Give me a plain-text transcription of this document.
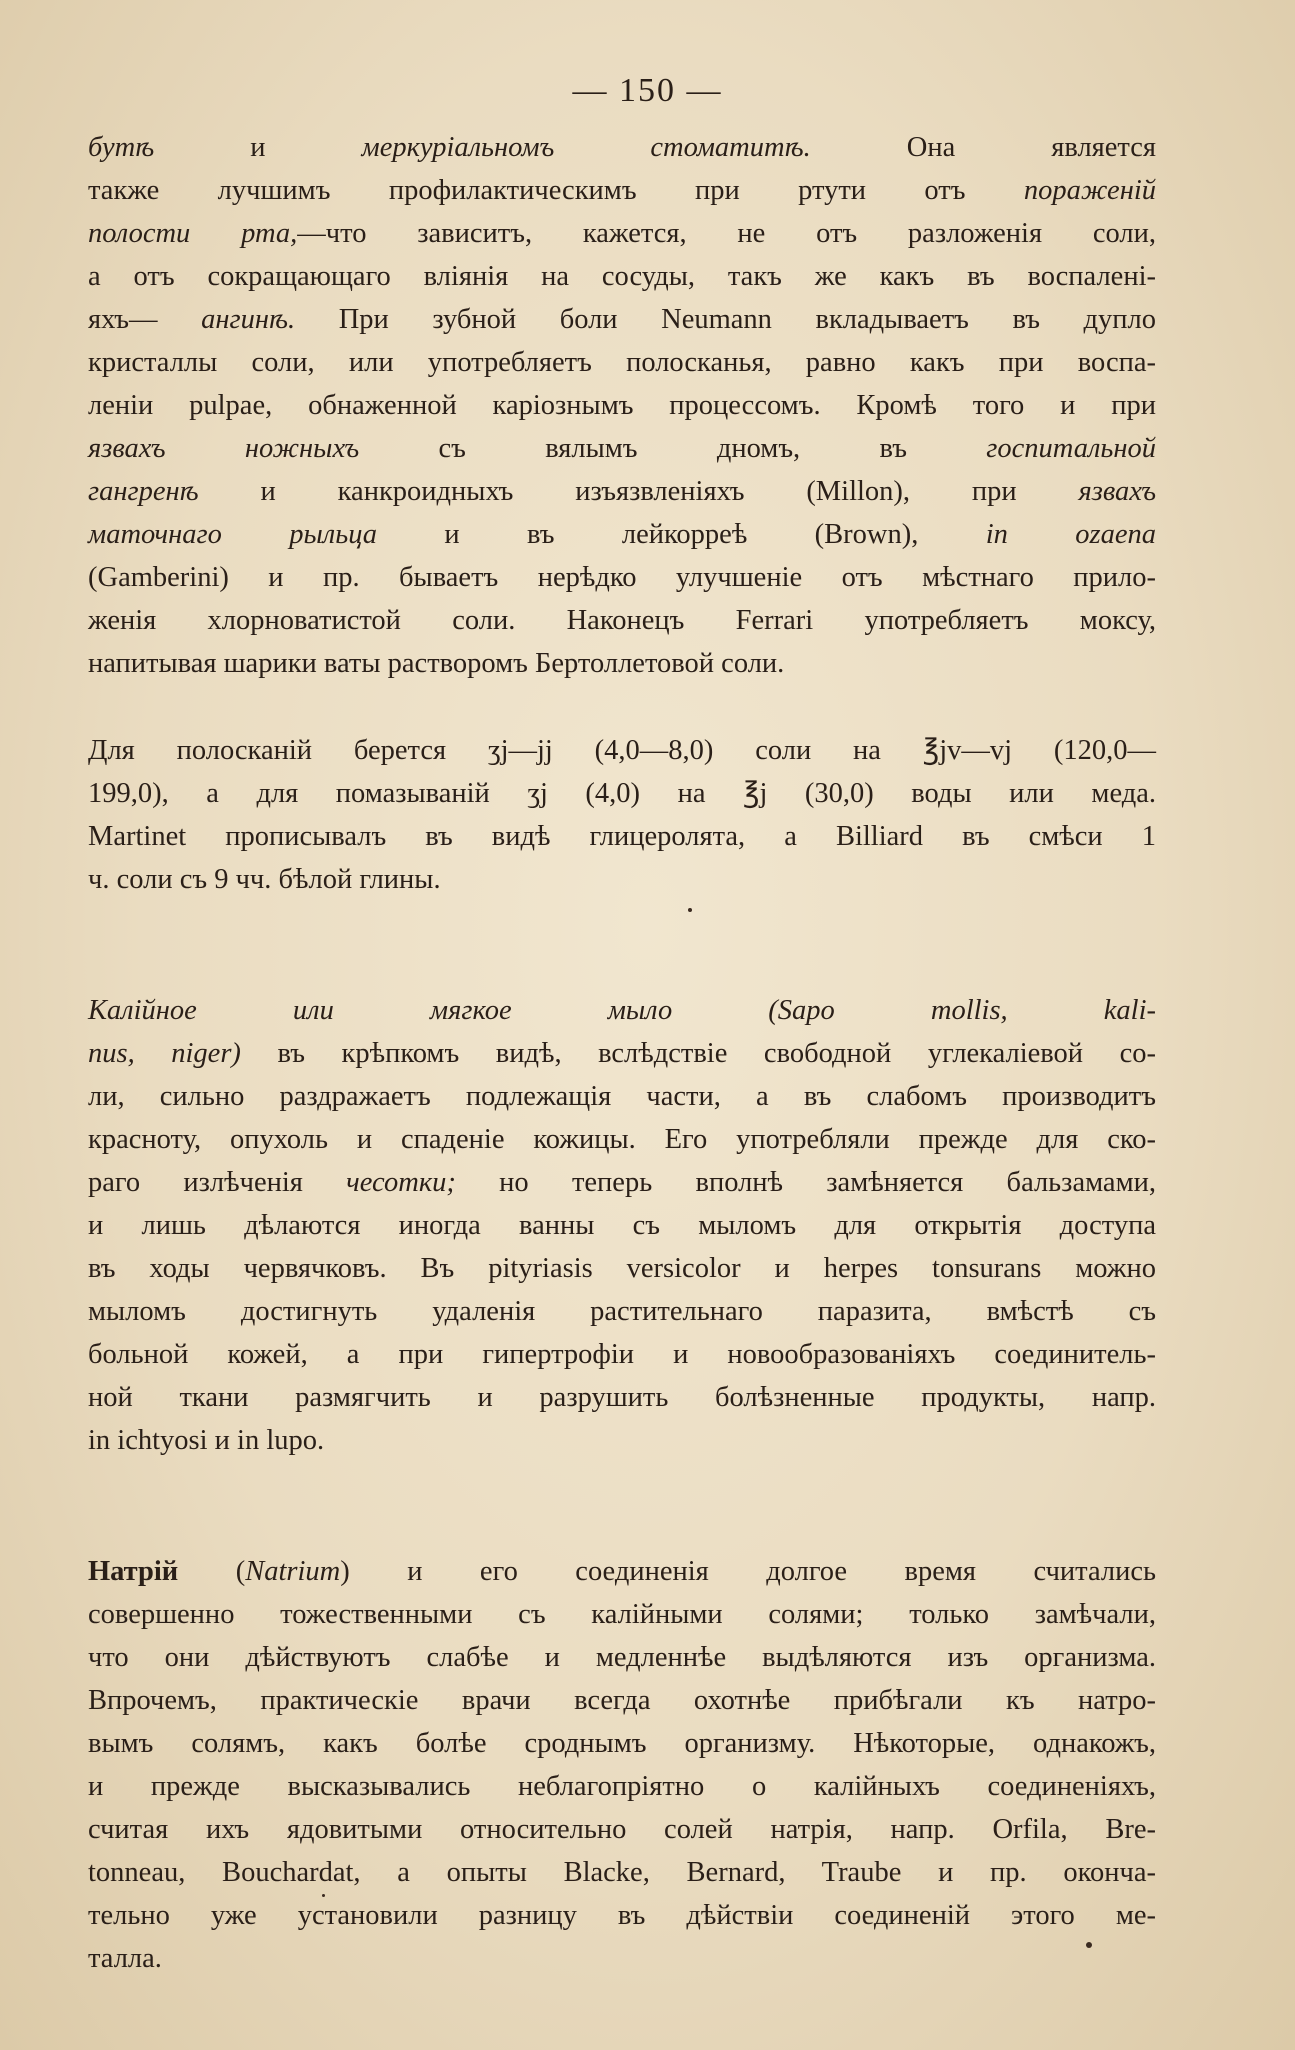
— 150 —
бутѣ и меркуріальномъ стоматитѣ. Она является
также лучшимъ профилактическимъ при ртути отъ пораженій
полости рта,—что зависитъ, кажется, не отъ разложенія соли,
а отъ сокращающаго вліянія на сосуды, такъ же какъ въ воспалені-
яхъ— ангинѣ. При зубной боли Neumann вкладываетъ въ дупло
кристаллы соли, или употребляетъ полосканья, равно какъ при воспа-
леніи pulpae, обнаженной каріознымъ процессомъ. Кромѣ того и при
язвахъ ножныхъ съ вялымъ дномъ, въ госпитальной
гангренѣ и канкроидныхъ изъязвленіяхъ (Millon), при язвахъ
маточнаго рыльца и въ лейкорреѣ (Brown), in ozaena
(Gamberini) и пр. бываетъ нерѣдко улучшеніе отъ мѣстнаго прило-
женія хлорноватистой соли. Наконецъ Ferrari употребляетъ моксу,
напитывая шарики ваты растворомъ Бертоллетовой соли.
Для полосканій берется ʒj—jj (4,0—8,0) соли на ℥jv—vj (120,0—
199,0), а для помазываній ʒj (4,0) на ℥j (30,0) воды или меда.
Martinet прописывалъ въ видѣ глицеролята, а Billiard въ смѣси 1
ч. соли съ 9 чч. бѣлой глины.
Калійное или мягкое мыло (Sapo mollis, kali-
nus, niger) въ крѣпкомъ видѣ, вслѣдствіе свободной углекаліевой со-
ли, сильно раздражаетъ подлежащія части, а въ слабомъ производитъ
красноту, опухоль и спаденіе кожицы. Его употребляли прежде для ско-
раго излѣченія чесотки; но теперь вполнѣ замѣняется бальзамами,
и лишь дѣлаются иногда ванны съ мыломъ для открытія доступа
въ ходы червячковъ. Въ pityriasis versicolor и herpes tonsurans можно
мыломъ достигнуть удаленія растительнаго паразита, вмѣстѣ съ
больной кожей, а при гипертрофіи и новообразованіяхъ соединитель-
ной ткани размягчить и разрушить болѣзненные продукты, напр.
in ichtyosi и in lupo.
Натрій (Natrium) и его соединенія долгое время считались
совершенно тожественными съ калійными солями; только замѣчали,
что они дѣйствуютъ слабѣе и медленнѣе выдѣляются изъ организма.
Впрочемъ, практическіе врачи всегда охотнѣе прибѣгали къ натро-
вымъ солямъ, какъ болѣе сроднымъ организму. Нѣкоторые, однакожъ,
и прежде высказывались неблагопріятно о калійныхъ соединеніяхъ,
считая ихъ ядовитыми относительно солей натрія, напр. Orfila, Bre-
tonneau, Bouchardat, а опыты Blacke, Bernard, Traube и пр. оконча-
тельно уже установили разницу въ дѣйствіи соединеній этого ме-
талла.
